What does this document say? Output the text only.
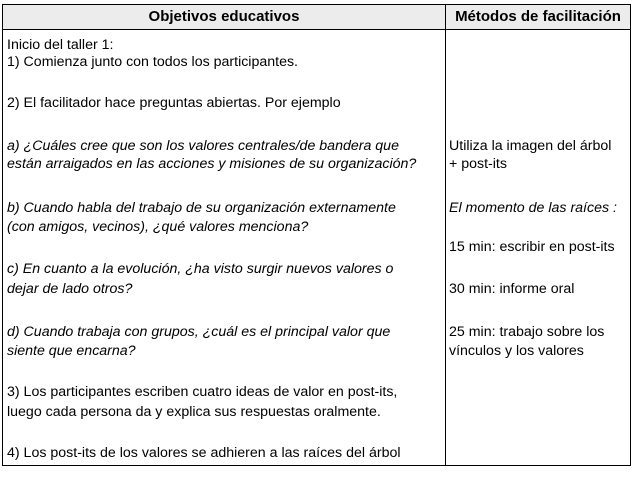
Objetivos educativos	Métodos de facilitación
Inicio del taller 1:
1) Comienza junto con todos los participantes.
2) El facilitador hace preguntas abiertas. Por ejemplo
a) ¿Cuáles cree que son los valores centrales/de bandera que
están arraigados en las acciones y misiones de su organización?
b) Cuando habla del trabajo de su organización externamente
(con amigos, vecinos), ¿qué valores menciona?
c) En cuanto a la evolución, ¿ha visto surgir nuevos valores o
dejar de lado otros?
d) Cuando trabaja con grupos, ¿cuál es el principal valor que
siente que encarna?
3) Los participantes escriben cuatro ideas de valor en post-its,
luego cada persona da y explica sus respuestas oralmente.
4) Los post-its de los valores se adhieren a las raíces del árbol
Utiliza la imagen del árbol
+ post-its
El momento de las raíces :
15 min: escribir en post-its
30 min: informe oral
25 min: trabajo sobre los
vínculos y los valores
